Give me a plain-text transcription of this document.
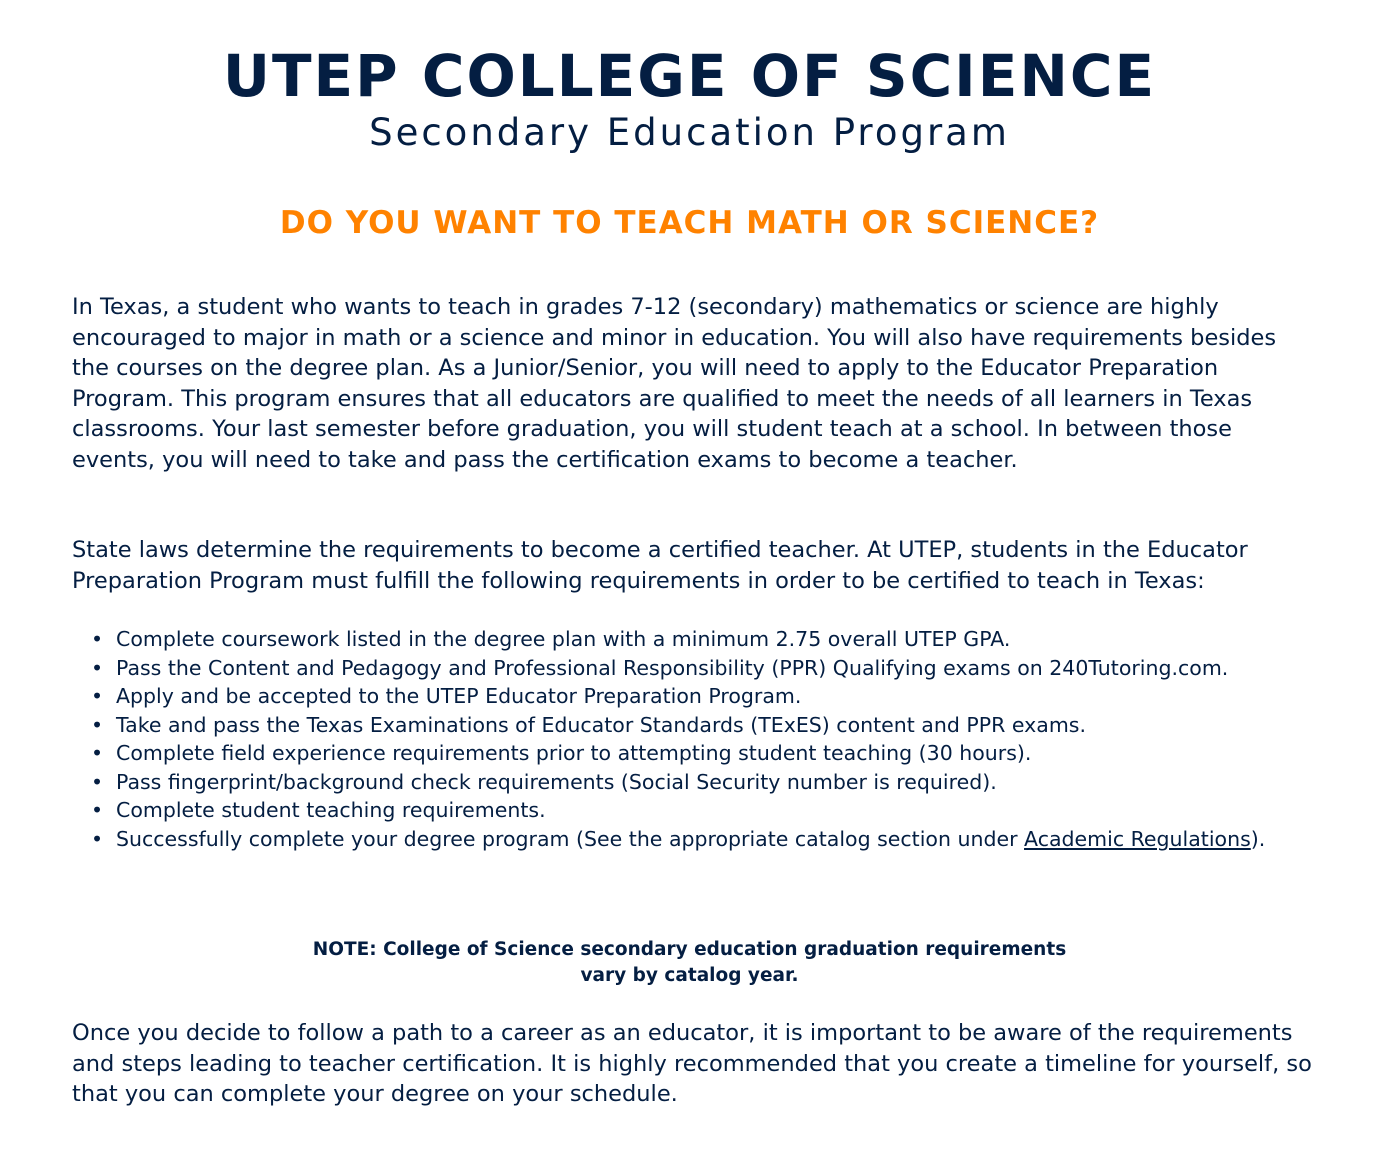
UTEP COLLEGE OF SCIENCE
Secondary Education Program
DO YOU WANT TO TEACH MATH OR SCIENCE?

In Texas, a student who wants to teach in grades 7-12 (secondary) mathematics or science are highly encouraged to major in math or a science and minor in education. You will also have requirements besides the courses on the degree plan. As a Junior/Senior, you will need to apply to the Educator Preparation Program. This program ensures that all educators are qualified to meet the needs of all learners in Texas classrooms. Your last semester before graduation, you will student teach at a school. In between those events, you will need to take and pass the certification exams to become a teacher.

State laws determine the requirements to become a certified teacher. At UTEP, students in the Educator Preparation Program must fulfill the following requirements in order to be certified to teach in Texas:

• Complete coursework listed in the degree plan with a minimum 2.75 overall UTEP GPA.
• Pass the Content and Pedagogy and Professional Responsibility (PPR) Qualifying exams on 240Tutoring.com.
• Apply and be accepted to the UTEP Educator Preparation Program.
• Take and pass the Texas Examinations of Educator Standards (TExES) content and PPR exams.
• Complete field experience requirements prior to attempting student teaching (30 hours).
• Pass fingerprint/background check requirements (Social Security number is required).
• Complete student teaching requirements.
• Successfully complete your degree program (See the appropriate catalog section under Academic Regulations).
NOTE: College of Science secondary education graduation requirements
vary by catalog year.

Once you decide to follow a path to a career as an educator, it is important to be aware of the requirements and steps leading to teacher certification. It is highly recommended that you create a timeline for yourself, so that you can complete your degree on your schedule.
